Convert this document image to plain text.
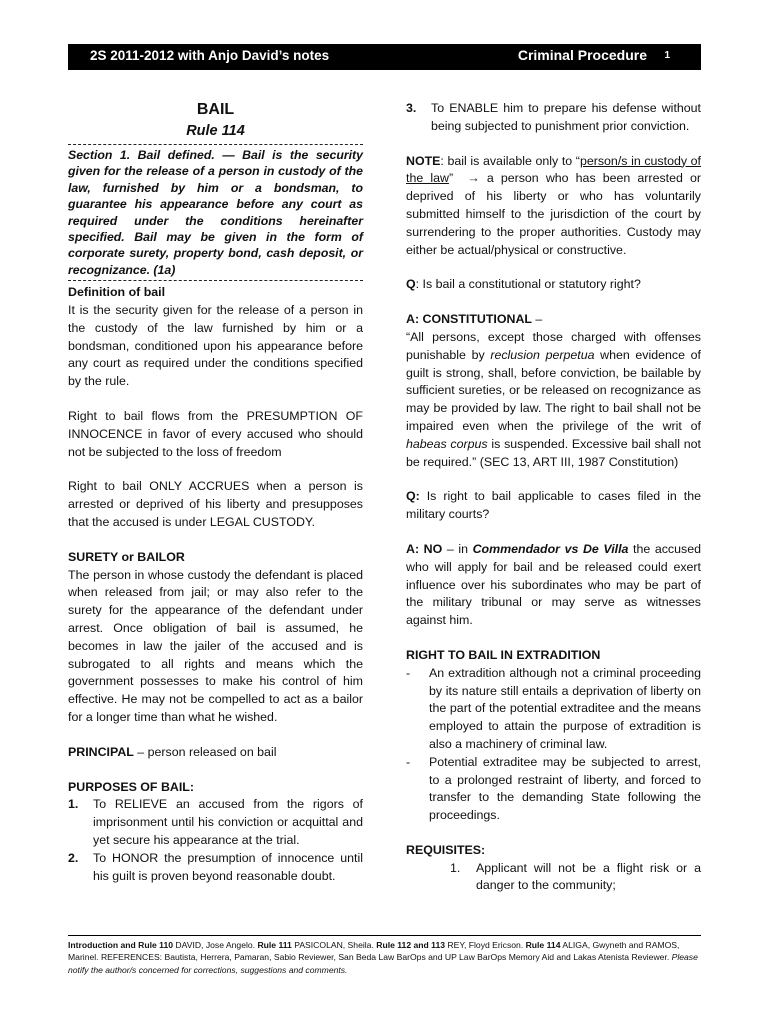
2S 2011-2012 with Anjo David’s notes	Criminal Procedure 1

BAIL

Rule 114

Section 1. Bail defined. — Bail is the security given for the release of a person in custody of the law, furnished by him or a bondsman, to guarantee his appearance before any court as required under the conditions hereinafter specified. Bail may be given in the form of corporate surety, property bond, cash deposit, or recognizance. (1a)

Definition of bail

It is the security given for the release of a person in the custody of the law furnished by him or a bondsman, conditioned upon his appearance before any court as required under the conditions specified by the rule.

Right to bail flows from the PRESUMPTION OF INNOCENCE in favor of every accused who should not be subjected to the loss of freedom

Right to bail ONLY ACCRUES when a person is arrested or deprived of his liberty and presupposes that the accused is under LEGAL CUSTODY.

SURETY or BAILOR

The person in whose custody the defendant is placed when released from jail; or may also refer to the surety for the appearance of the defendant under arrest. Once obligation of bail is assumed, he becomes in law the jailer of the accused and is subrogated to all rights and means which the government possesses to make his control of him effective. He may not be compelled to act as a bailor for a longer time than what he wished.

PRINCIPAL – person released on bail

PURPOSES OF BAIL:

1.	To RELIEVE an accused from the rigors of imprisonment until his conviction or acquittal and yet secure his appearance at the trial.
2.	To HONOR the presumption of innocence until his guilt is proven beyond reasonable doubt.
3.	To ENABLE him to prepare his defense without being subjected to punishment prior conviction.

NOTE: bail is available only to “person/s in custody of the law” → a person who has been arrested or deprived of his liberty or who has voluntarily submitted himself to the jurisdiction of the court by surrendering to the proper authorities. Custody may either be actual/physical or constructive.

Q: Is bail a constitutional or statutory right?

A: CONSTITUTIONAL –

“All persons, except those charged with offenses punishable by reclusion perpetua when evidence of guilt is strong, shall, before conviction, be bailable by sufficient sureties, or be released on recognizance as may be provided by law. The right to bail shall not be impaired even when the privilege of the writ of habeas corpus is suspended. Excessive bail shall not be required.” (SEC 13, ART III, 1987 Constitution)

Q: Is right to bail applicable to cases filed in the military courts?

A: NO – in Commendador vs De Villa the accused who will apply for bail and be released could exert influence over his subordinates who may be part of the military tribunal or may serve as witnesses against him.

RIGHT TO BAIL IN EXTRADITION

-	An extradition although not a criminal proceeding by its nature still entails a deprivation of liberty on the part of the potential extraditee and the means employed to attain the purpose of extradition is also a machinery of criminal law.
-	Potential extraditee may be subjected to arrest, to a prolonged restraint of liberty, and forced to transfer to the demanding State following the proceedings.

REQUISITES:

1.	Applicant will not be a flight risk or a danger to the community;
Introduction and Rule 110 DAVID, Jose Angelo. Rule 111 PASICOLAN, Sheila. Rule 112 and 113 REY, Floyd Ericson. Rule 114 ALIGA, Gwyneth and RAMOS, Marinel. REFERENCES: Bautista, Herrera, Pamaran, Sabio Reviewer, San Beda Law BarOps and UP Law BarOps Memory Aid and Lakas Atenista Reviewer. Please notify the author/s concerned for corrections, suggestions and comments.
